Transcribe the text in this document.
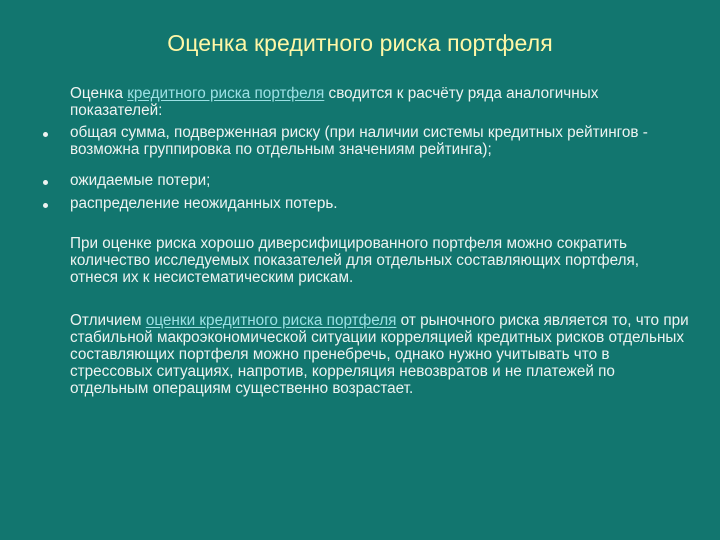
Оценка кредитного риска портфеля

Оценка кредитного риска портфеля сводится к расчёту ряда аналогичных показателей:

общая сумма, подверженная риску (при наличии системы кредитных рейтингов - возможна группировка по отдельным значениям рейтинга);
ожидаемые потери;
распределение неожиданных потерь.

При оценке риска хорошо диверсифицированного портфеля можно сократить количество исследуемых показателей для отдельных составляющих портфеля, отнеся их к несистематическим рискам.

Отличием оценки кредитного риска портфеля от рыночного риска является то, что при стабильной макроэкономической ситуации корреляцией кредитных рисков отдельных составляющих портфеля можно пренебречь, однако нужно учитывать что в стрессовых ситуациях, напротив, корреляция невозвратов и не платежей по отдельным операциям существенно возрастает.
